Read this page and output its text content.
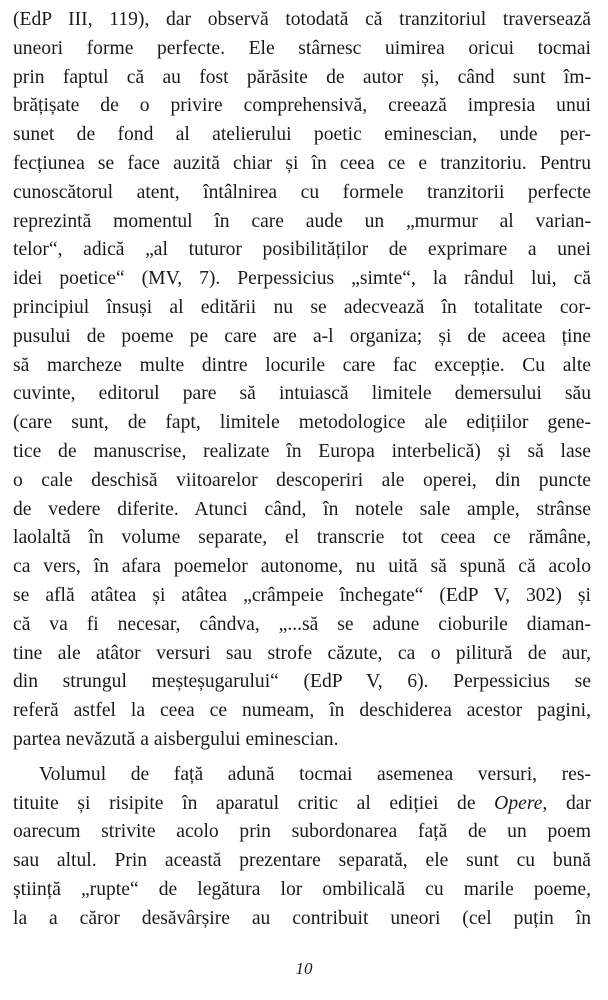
(EdP III, 119), dar observă totodată că tranzitoriul traversează
uneori forme perfecte. Ele stârnesc uimirea oricui tocmai
prin faptul că au fost părăsite de autor și, când sunt îm-
brățișate de o privire comprehensivă, creează impresia unui
sunet de fond al atelierului poetic eminescian, unde per-
fecțiunea se face auzită chiar și în ceea ce e tranzitoriu. Pentru
cunoscătorul atent, întâlnirea cu formele tranzitorii perfecte
reprezintă momentul în care aude un „murmur al varian-
telor“, adică „al tuturor posibilităților de exprimare a unei
idei poetice“ (MV, 7). Perpessicius „simte“, la rândul lui, că
principiul însuși al editării nu se adecvează în totalitate cor-
pusului de poeme pe care are a-l organiza; și de aceea ține
să marcheze multe dintre locurile care fac excepție. Cu alte
cuvinte, editorul pare să intuiască limitele demersului său
(care sunt, de fapt, limitele metodologice ale edițiilor gene-
tice de manuscrise, realizate în Europa interbelică) și să lase
o cale deschisă viitoarelor descoperiri ale operei, din puncte
de vedere diferite. Atunci când, în notele sale ample, strânse
laolaltă în volume separate, el transcrie tot ceea ce rămâne,
ca vers, în afara poemelor autonome, nu uită să spună că acolo
se află atâtea și atâtea „crâmpeie închegate“ (EdP V, 302) și
că va fi necesar, cândva, „...să se adune cioburile diaman-
tine ale atâtor versuri sau strofe căzute, ca o pilitură de aur,
din strungul meșteșugarului“ (EdP V, 6). Perpessicius se
referă astfel la ceea ce numeam, în deschiderea acestor pagini,
partea nevăzută a aisbergului eminescian.
Volumul de față adună tocmai asemenea versuri, res-
tituite și risipite în aparatul critic al ediției de Opere, dar
oarecum strivite acolo prin subordonarea față de un poem
sau altul. Prin această prezentare separată, ele sunt cu bună
știință „rupte“ de legătura lor ombilicală cu marile poeme,
la a căror desăvârșire au contribuit uneori (cel puțin în
10
